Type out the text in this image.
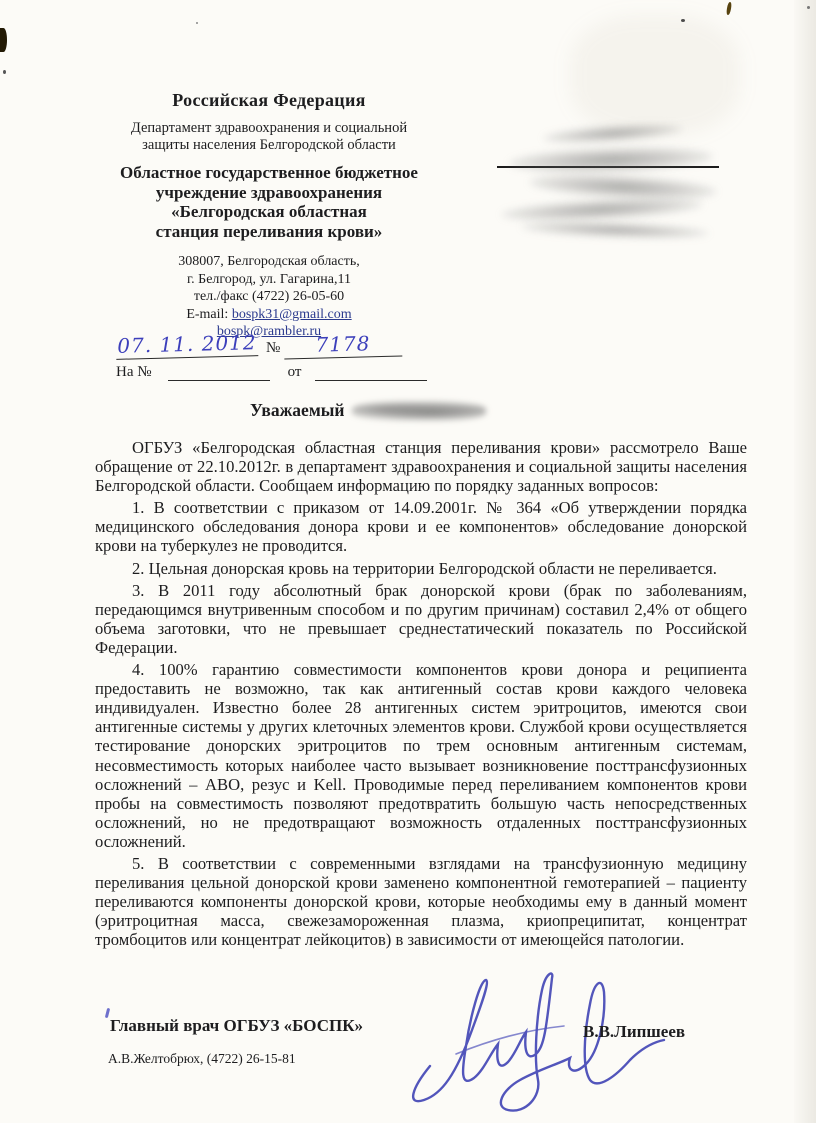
Российская Федерация
Департамент здравоохранения и социальной
защиты населения Белгородской области
Областное государственное бюджетное
учреждение здравоохранения
«Белгородская областная
станция переливания крови»
308007, Белгородская область,
г. Белгород, ул. Гагарина,11
тел./факс (4722) 26-05-60
E-mail: bospk31@gmail.com
bospk@rambler.ru
07. 11. 2012 №	7178
На №	от
Уважаемый

ОГБУЗ «Белгородская областная станция переливания крови» рассмотрело Ваше обращение от 22.10.2012г. в департамент здравоохранения и социальной защиты населения Белгородской области. Сообщаем информацию по порядку заданных вопросов:

1. В соответствии с приказом от 14.09.2001г. № 364 «Об утверждении порядка медицинского обследования донора крови и ее компонентов» обследование донорской крови на туберкулез не проводится.

2. Цельная донорская кровь на территории Белгородской области не переливается.

3. В 2011 году абсолютный брак донорской крови (брак по заболеваниям, передающимся внутривенным способом и по другим причинам) составил 2,4% от общего объема заготовки, что не превышает среднестатический показатель по Российской Федерации.

4. 100% гарантию совместимости компонентов крови донора и реципиента предоставить не возможно, так как антигенный состав крови каждого человека индивидуален. Известно более 28 антигенных систем эритроцитов, имеются свои антигенные системы у других клеточных элементов крови. Службой крови осуществляется тестирование донорских эритроцитов по трем основным антигенным системам, несовместимость которых наиболее часто вызывает возникновение посттрансфузионных осложнений – АВО, резус и Kell. Проводимые перед переливанием компонентов крови пробы на совместимость позволяют предотвратить большую часть непосредственных осложнений, но не предотвращают возможность отдаленных посттрансфузионных осложнений.

5. В соответствии с современными взглядами на трансфузионную медицину переливания цельной донорской крови заменено компонентной гемотерапией – пациенту переливаются компоненты донорской крови, которые необходимы ему в данный момент (эритроцитная масса, свежезамороженная плазма, криопреципитат, концентрат тромбоцитов или концентрат лейкоцитов) в зависимости от имеющейся патологии.

Главный врач ОГБУЗ «БОСПК»	В.В.Липшеев
А.В.Желтобрюх, (4722) 26-15-81
